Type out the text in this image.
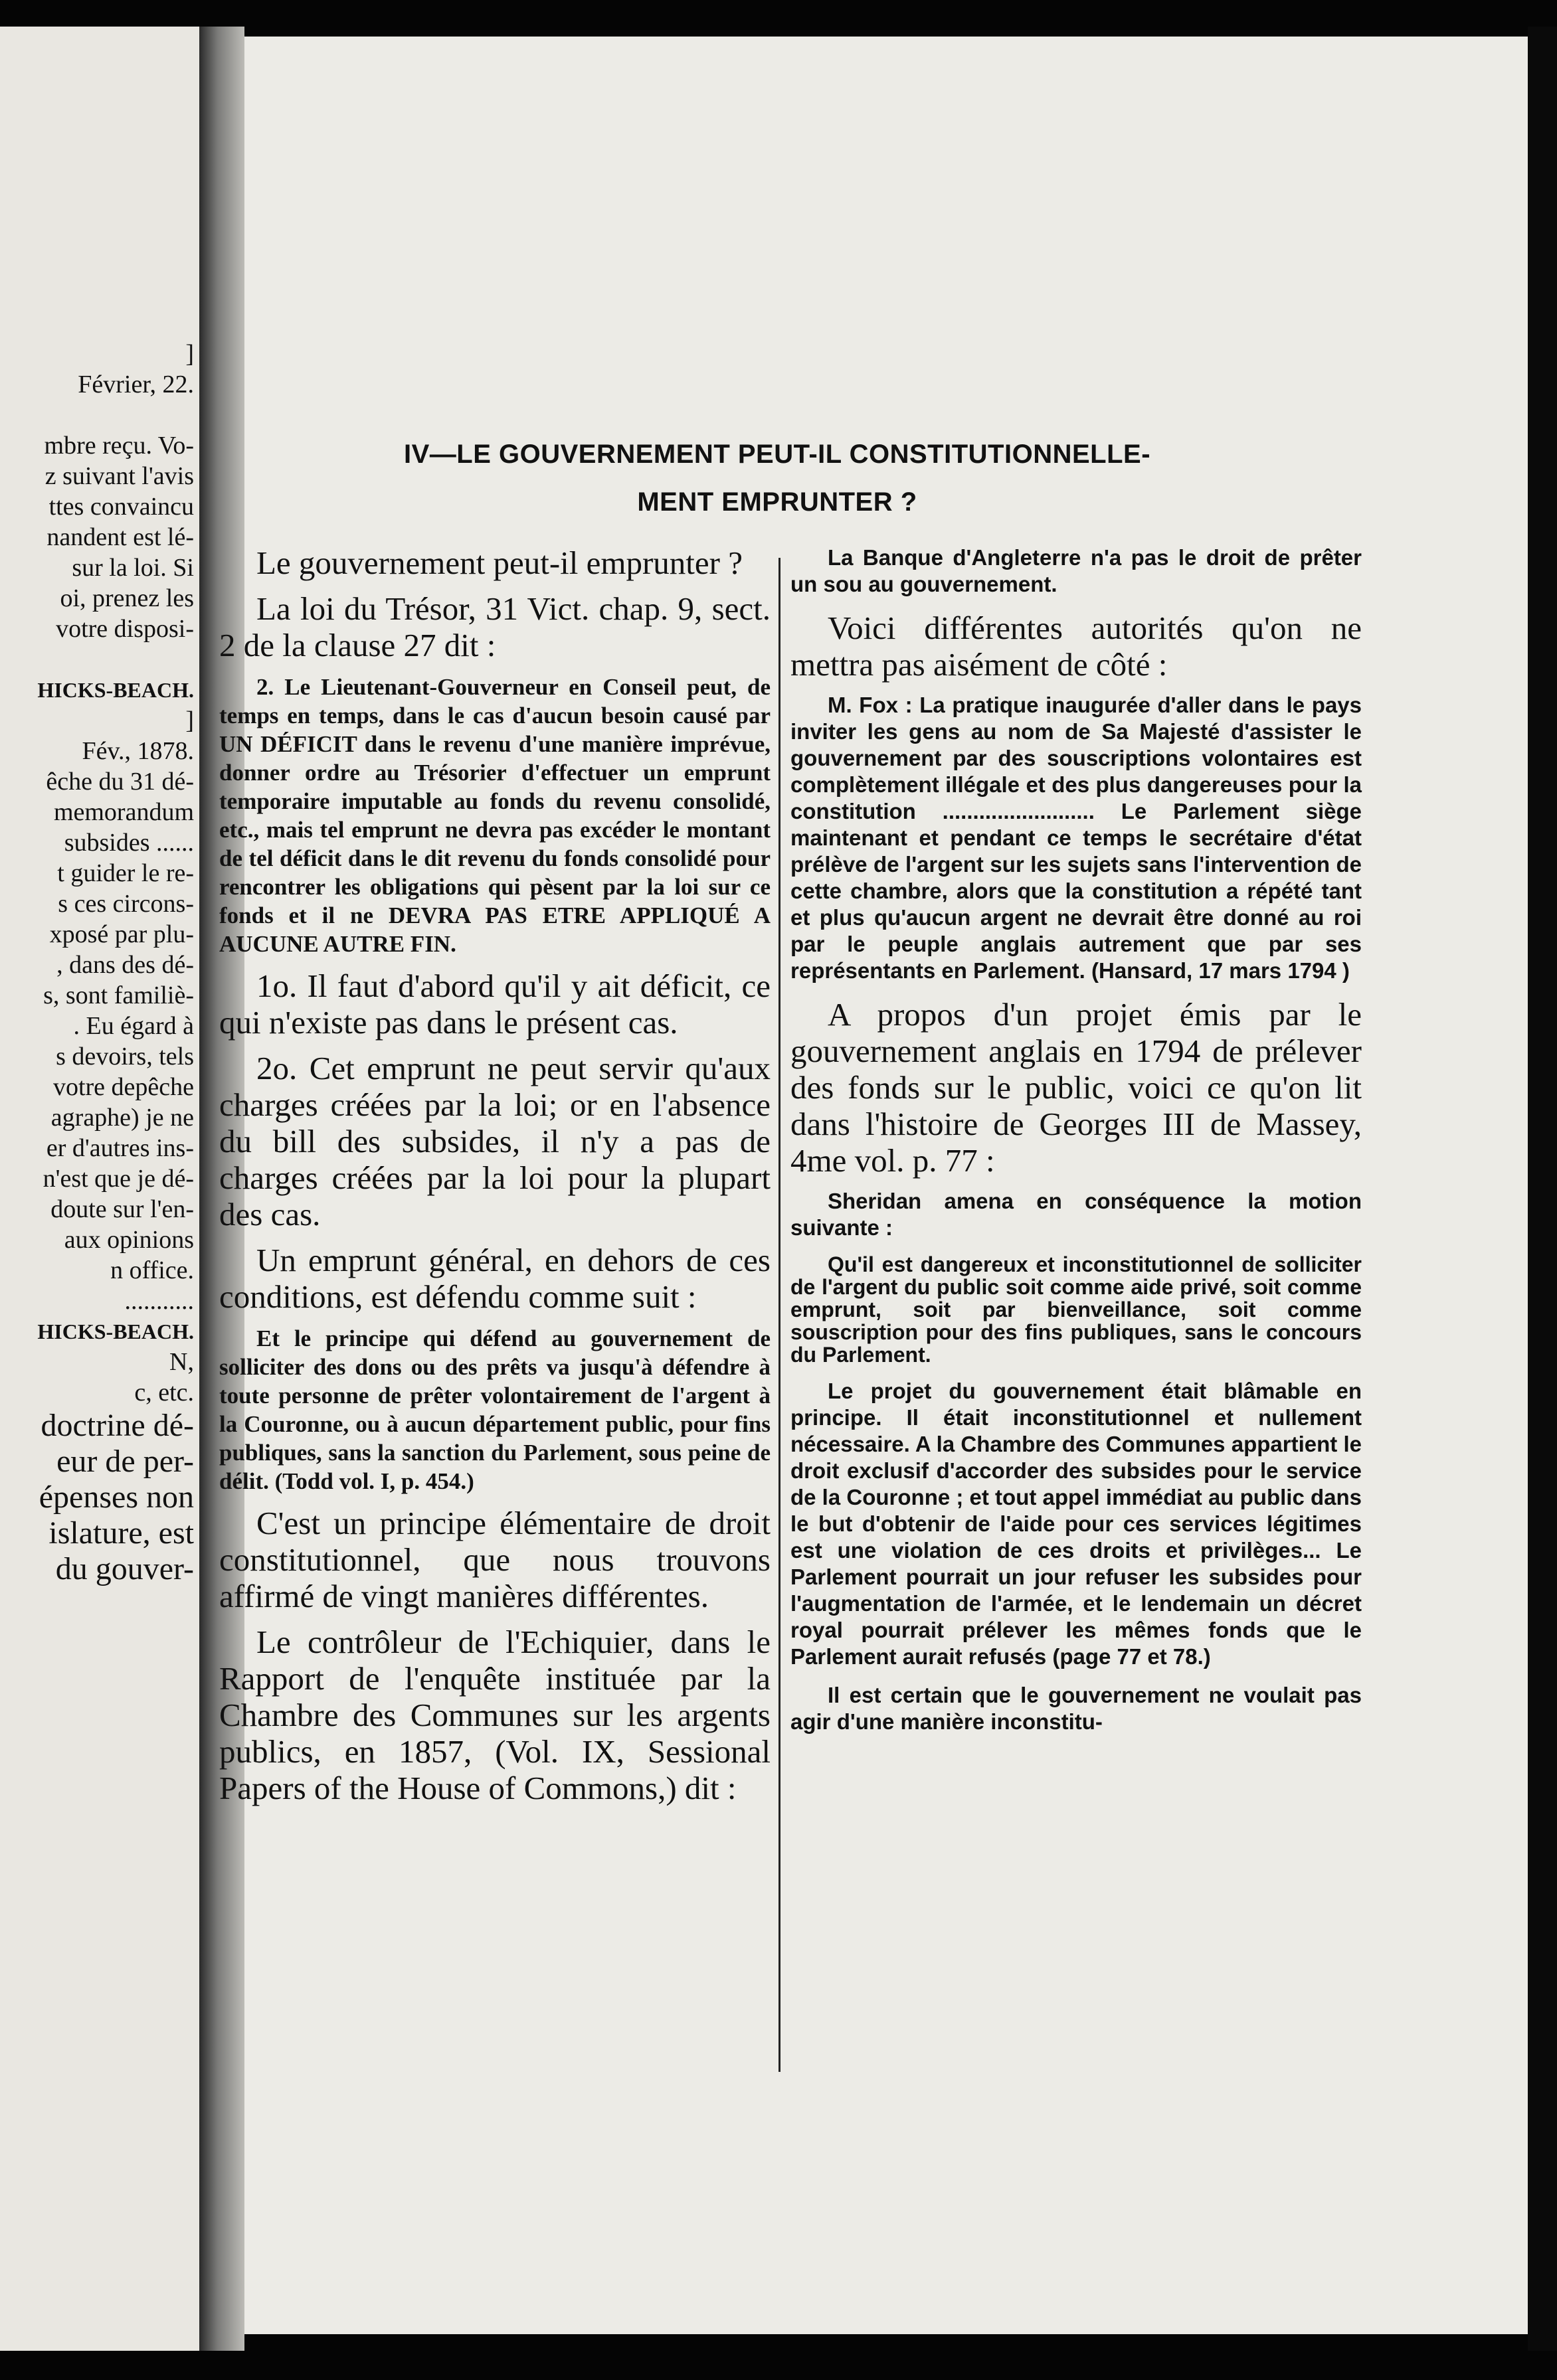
]

Février, 22.

mbre reçu. Vo-

z suivant l'avis

ttes convaincu

nandent est lé-

sur la loi. Si

oi, prenez les

votre disposi-

HICKS-BEACH.

]

Fév., 1878.

êche du 31 dé-

memorandum

subsides ......

t guider le re-

s ces circons-

xposé par plu-

, dans des dé-

s, sont familiè-

. Eu égard à

s devoirs, tels

votre depêche

agraphe) je ne

er d'autres ins-

n'est que je dé-

doute sur l'en-

aux opinions

n office.

...........

HICKS-BEACH.

N,

c, etc.

doctrine dé-

eur de per-

épenses non

islature, est

du gouver-

IV—LE GOUVERNEMENT PEUT-IL CONSTITUTIONNELLE-
MENT EMPRUNTER ?

Le gouvernement peut-il emprunter ?

La loi du Trésor, 31 Vict. chap. 9, sect. 2 de la clause 27 dit :

2. Le Lieutenant-Gouverneur en Conseil peut, de temps en temps, dans le cas d'aucun besoin causé par UN DÉFICIT dans le revenu d'une manière imprévue, donner ordre au Trésorier d'effectuer un emprunt temporaire imputable au fonds du revenu consolidé, etc., mais tel emprunt ne devra pas excéder le montant de tel déficit dans le dit revenu du fonds consolidé pour rencontrer les obligations qui pèsent par la loi sur ce fonds et il ne DEVRA PAS ETRE APPLIQUÉ A AUCUNE AUTRE FIN.

1o. Il faut d'abord qu'il y ait déficit, ce qui n'existe pas dans le présent cas.

2o. Cet emprunt ne peut servir qu'aux charges créées par la loi; or en l'absence du bill des subsides, il n'y a pas de charges créées par la loi pour la plupart des cas.

Un emprunt général, en dehors de ces conditions, est défendu comme suit :

Et le principe qui défend au gouvernement de solliciter des dons ou des prêts va jusqu'à défendre à toute personne de prêter volontairement de l'argent à la Couronne, ou à aucun département public, pour fins publiques, sans la sanction du Parlement, sous peine de délit. (Todd vol. I, p. 454.)

C'est un principe élémentaire de droit constitutionnel, que nous trouvons affirmé de vingt manières différentes.

Le contrôleur de l'Echiquier, dans le Rapport de l'enquête instituée par la Chambre des Communes sur les argents publics, en 1857, (Vol. IX, Sessional Papers of the House of Commons,) dit :

La Banque d'Angleterre n'a pas le droit de prêter un sou au gouvernement.

Voici différentes autorités qu'on ne mettra pas aisément de côté :

M. Fox : La pratique inaugurée d'aller dans le pays inviter les gens au nom de Sa Majesté d'assister le gouvernement par des souscriptions volontaires est complètement illégale et des plus dangereuses pour la constitution ......................... Le Parlement siège maintenant et pendant ce temps le secrétaire d'état prélève de l'argent sur les sujets sans l'intervention de cette chambre, alors que la constitution a répété tant et plus qu'aucun argent ne devrait être donné au roi par le peuple anglais autrement que par ses représentants en Parlement. (Hansard, 17 mars 1794 )

A propos d'un projet émis par le gouvernement anglais en 1794 de prélever des fonds sur le public, voici ce qu'on lit dans l'histoire de Georges III de Massey, 4me vol. p. 77 :

Sheridan amena en conséquence la motion suivante :

Qu'il est dangereux et inconstitutionnel de solliciter de l'argent du public soit comme aide privé, soit comme emprunt, soit par bienveillance, soit comme souscription pour des fins publiques, sans le concours du Parlement.

Le projet du gouvernement était blâmable en principe. Il était inconstitutionnel et nullement nécessaire. A la Chambre des Communes appartient le droit exclusif d'accorder des subsides pour le service de la Couronne ; et tout appel immédiat au public dans le but d'obtenir de l'aide pour ces services légitimes est une violation de ces droits et privilèges... Le Parlement pourrait un jour refuser les subsides pour l'augmentation de l'armée, et le lendemain un décret royal pourrait prélever les mêmes fonds que le Parlement aurait refusés (page 77 et 78.)

Il est certain que le gouvernement ne voulait pas agir d'une manière inconstitu-
